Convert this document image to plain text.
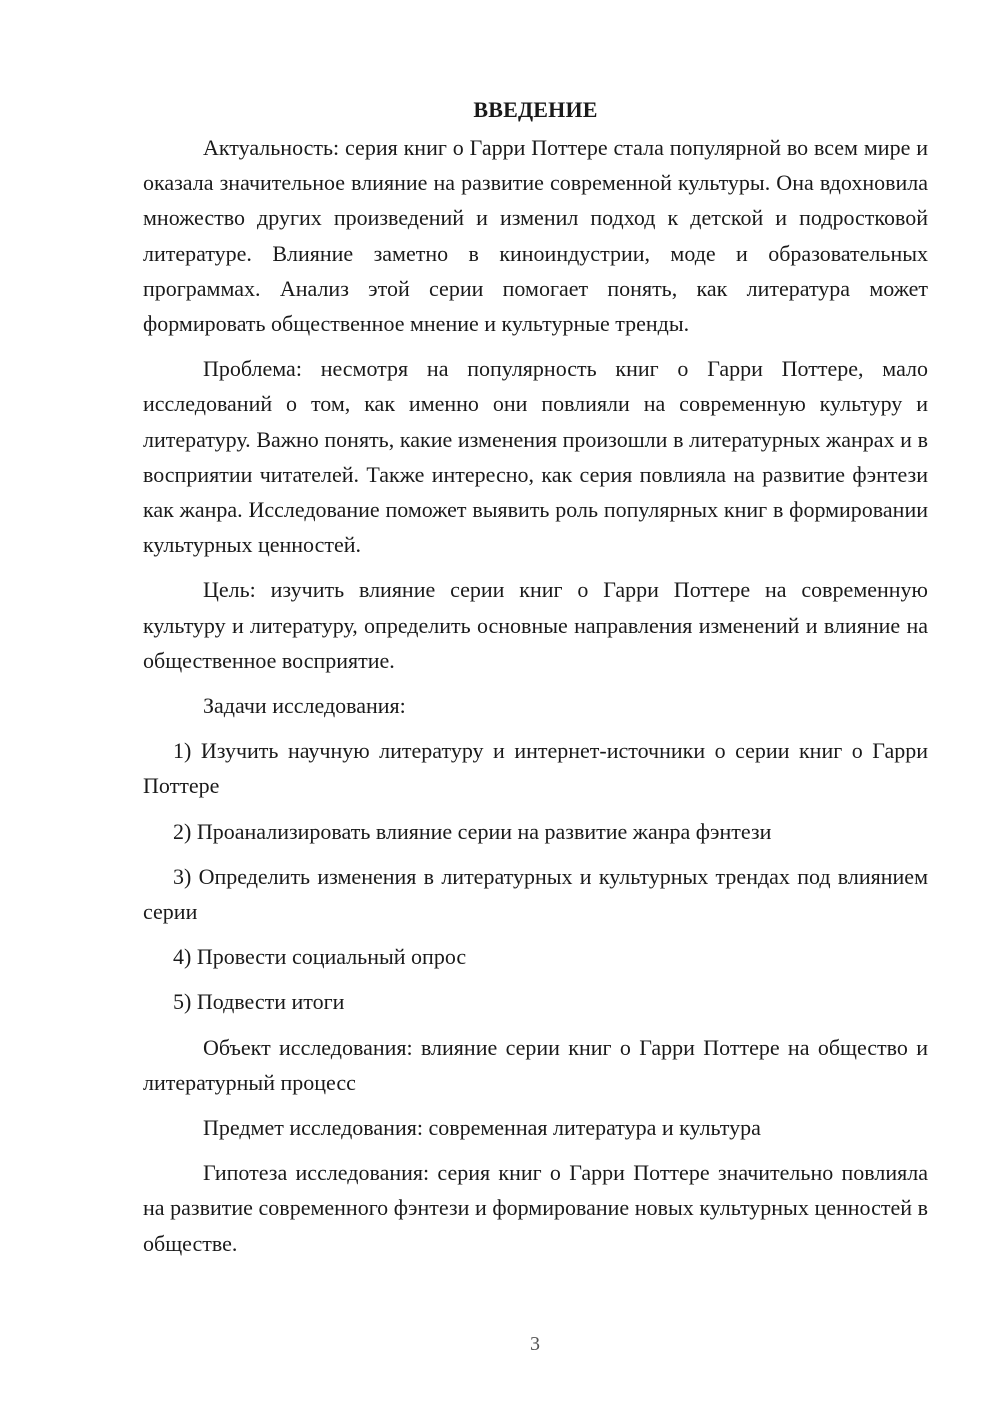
ВВЕДЕНИЕ

Актуальность: серия книг о Гарри Поттере стала популярной во всем мире и оказала значительное влияние на развитие современной культуры. Она вдохновила множество других произведений и изменил подход к детской и подростковой литературе. Влияние заметно в киноиндустрии, моде и образовательных программах. Анализ этой серии помогает понять, как литература может формировать общественное мнение и культурные тренды.

Проблема: несмотря на популярность книг о Гарри Поттере, мало исследований о том, как именно они повлияли на современную культуру и литературу. Важно понять, какие изменения произошли в литературных жанрах и в восприятии читателей. Также интересно, как серия повлияла на развитие фэнтези как жанра. Исследование поможет выявить роль популярных книг в формировании культурных ценностей.

Цель: изучить влияние серии книг о Гарри Поттере на современную культуру и литературу, определить основные направления изменений и влияние на общественное восприятие.

Задачи исследования:

1) Изучить научную литературу и интернет-источники о серии книг о Гарри Поттере

2) Проанализировать влияние серии на развитие жанра фэнтези

3) Определить изменения в литературных и культурных трендах под влиянием серии

4) Провести социальный опрос

5) Подвести итоги

Объект исследования: влияние серии книг о Гарри Поттере на общество и литературный процесс

Предмет исследования: современная литература и культура

Гипотеза исследования: серия книг о Гарри Поттере значительно повлияла на развитие современного фэнтези и формирование новых культурных ценностей в обществе.

3
